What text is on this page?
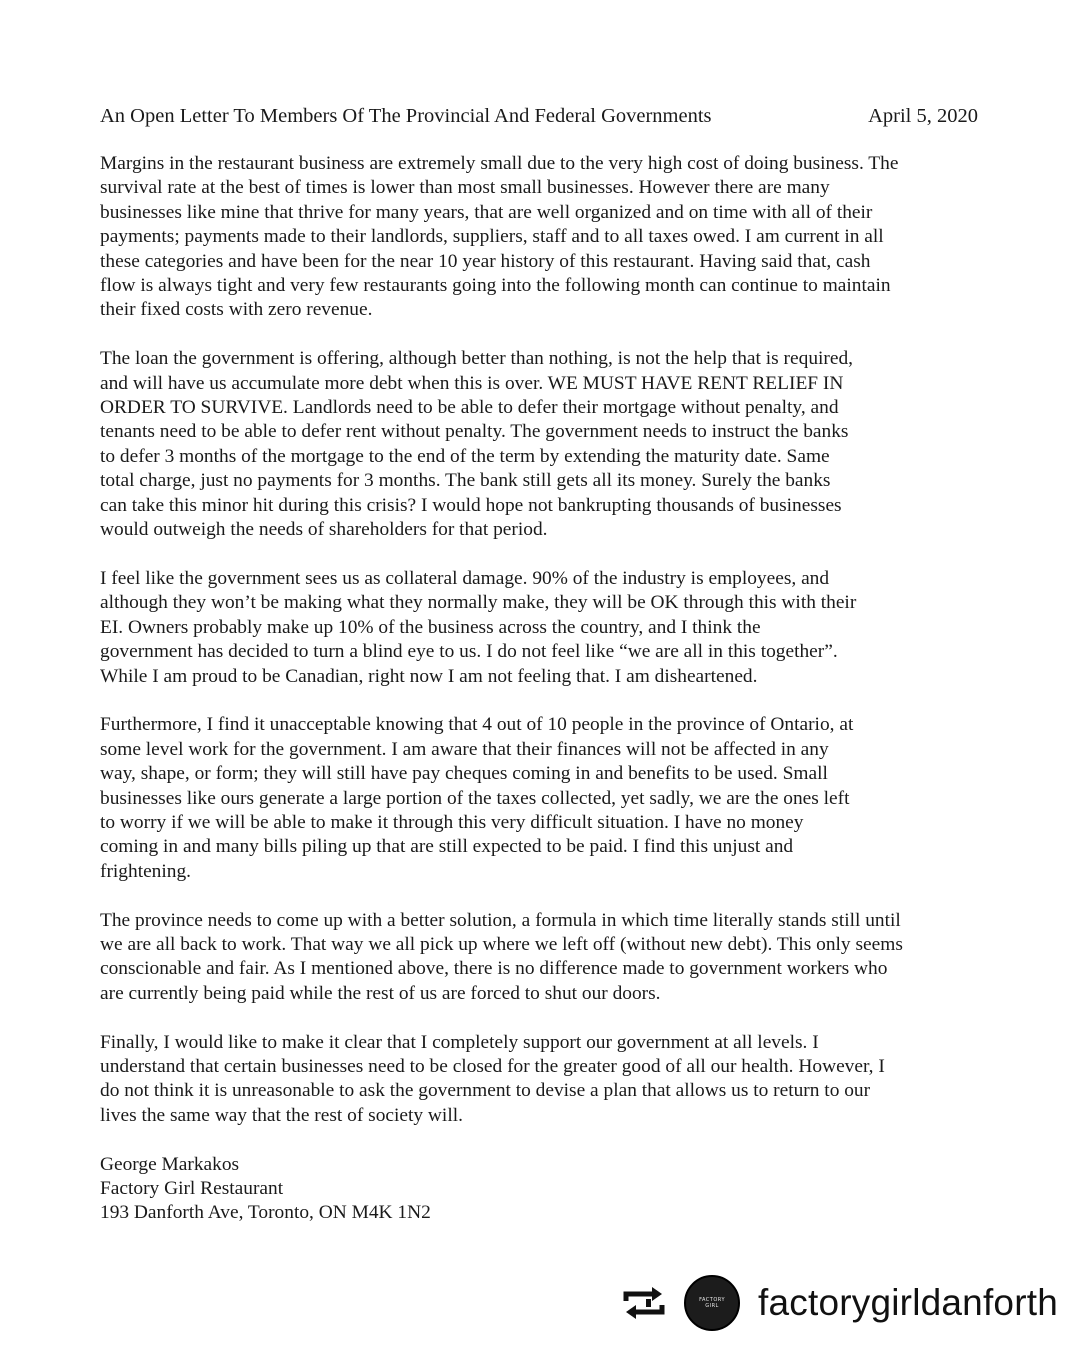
An Open Letter To Members Of The Provincial And Federal Governments	April 5, 2020
Margins in the restaurant business are extremely small due to the very high cost of doing business. The
survival rate at the best of times is lower than most small businesses. However there are many
businesses like mine that thrive for many years, that are well organized and on time with all of their
payments; payments made to their landlords, suppliers, staff and to all taxes owed. I am current in all
these categories and have been for the near 10 year history of this restaurant. Having said that, cash
flow is always tight and very few restaurants going into the following month can continue to maintain
their fixed costs with zero revenue.
The loan the government is offering, although better than nothing, is not the help that is required,
and will have us accumulate more debt when this is over. WE MUST HAVE RENT RELIEF IN
ORDER TO SURVIVE. Landlords need to be able to defer their mortgage without penalty, and
tenants need to be able to defer rent without penalty. The government needs to instruct the banks
to defer 3 months of the mortgage to the end of the term by extending the maturity date. Same
total charge, just no payments for 3 months. The bank still gets all its money. Surely the banks
can take this minor hit during this crisis? I would hope not bankrupting thousands of businesses
would outweigh the needs of shareholders for that period.
I feel like the government sees us as collateral damage. 90% of the industry is employees, and
although they won’t be making what they normally make, they will be OK through this with their
EI. Owners probably make up 10% of the business across the country, and I think the
government has decided to turn a blind eye to us. I do not feel like “we are all in this together”.
While I am proud to be Canadian, right now I am not feeling that. I am disheartened.
Furthermore, I find it unacceptable knowing that 4 out of 10 people in the province of Ontario, at
some level work for the government. I am aware that their finances will not be affected in any
way, shape, or form; they will still have pay cheques coming in and benefits to be used. Small
businesses like ours generate a large portion of the taxes collected, yet sadly, we are the ones left
to worry if we will be able to make it through this very difficult situation. I have no money
coming in and many bills piling up that are still expected to be paid. I find this unjust and
frightening.
The province needs to come up with a better solution, a formula in which time literally stands still until
we are all back to work. That way we all pick up where we left off (without new debt). This only seems
conscionable and fair. As I mentioned above, there is no difference made to government workers who
are currently being paid while the rest of us are forced to shut our doors.
Finally, I would like to make it clear that I completely support our government at all levels. I
understand that certain businesses need to be closed for the greater good of all our health. However, I
do not think it is unreasonable to ask the government to devise a plan that allows us to return to our
lives the same way that the rest of society will.
George Markakos
Factory Girl Restaurant
193 Danforth Ave, Toronto, ON M4K 1N2
FACTORY
GIRL factorygirldanforth
